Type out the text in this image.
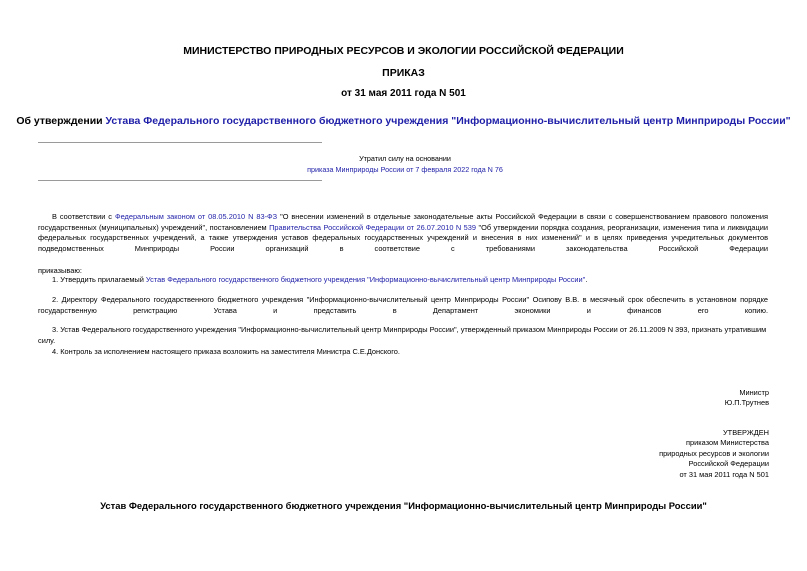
МИНИСТЕРСТВО ПРИРОДНЫХ РЕСУРСОВ И ЭКОЛОГИИ РОССИЙСКОЙ ФЕДЕРАЦИИ
ПРИКАЗ
от 31 мая 2011 года N 501
Об утверждении Устава Федерального государственного бюджетного учреждения "Информационно-вычислительный центр Минприроды России"
Утратил силу на основании
приказа Минприроды России от 7 февраля 2022 года N 76
В соответствии с Федеральным законом от 08.05.2010 N 83-ФЗ "О внесении изменений в отдельные законодательные акты Российской Федерации в связи с совершенствованием правового положения государственных (муниципальных) учреждений", постановлением Правительства Российской Федерации от 26.07.2010 N 539 "Об утверждении порядка создания, реорганизации, изменения типа и ликвидации федеральных государственных учреждений, а также утверждения уставов федеральных государственных учреждений и внесения в них изменений" и в целях приведения учредительных документов подведомственных Минприроды России организаций в соответствие с требованиями законодательства Российской Федерации
приказываю:
1. Утвердить прилагаемый Устав Федерального государственного бюджетного учреждения "Информационно-вычислительный центр Минприроды России".
2. Директору Федерального государственного бюджетного учреждения "Информационно-вычислительный центр Минприроды России" Осипову В.В. в месячный срок обеспечить в установном порядке государственную регистрацию Устава и представить в Департамент экономики и финансов его копию.
3. Устав Федерального государственного учреждения "Информационно-вычислительный центр Минприроды России", утвержденный приказом Минприроды России от 26.11.2009 N 393, признать утратившим силу.
4. Контроль за исполнением настоящего приказа возложить на заместителя Министра С.Е.Донского.
Министр
Ю.П.Трутнев
УТВЕРЖДЕН
приказом Министерства
природных ресурсов и экологии
Российской Федерации
от 31 мая 2011 года N 501
Устав Федерального государственного бюджетного учреждения "Информационно-вычислительный центр Минприроды России"
